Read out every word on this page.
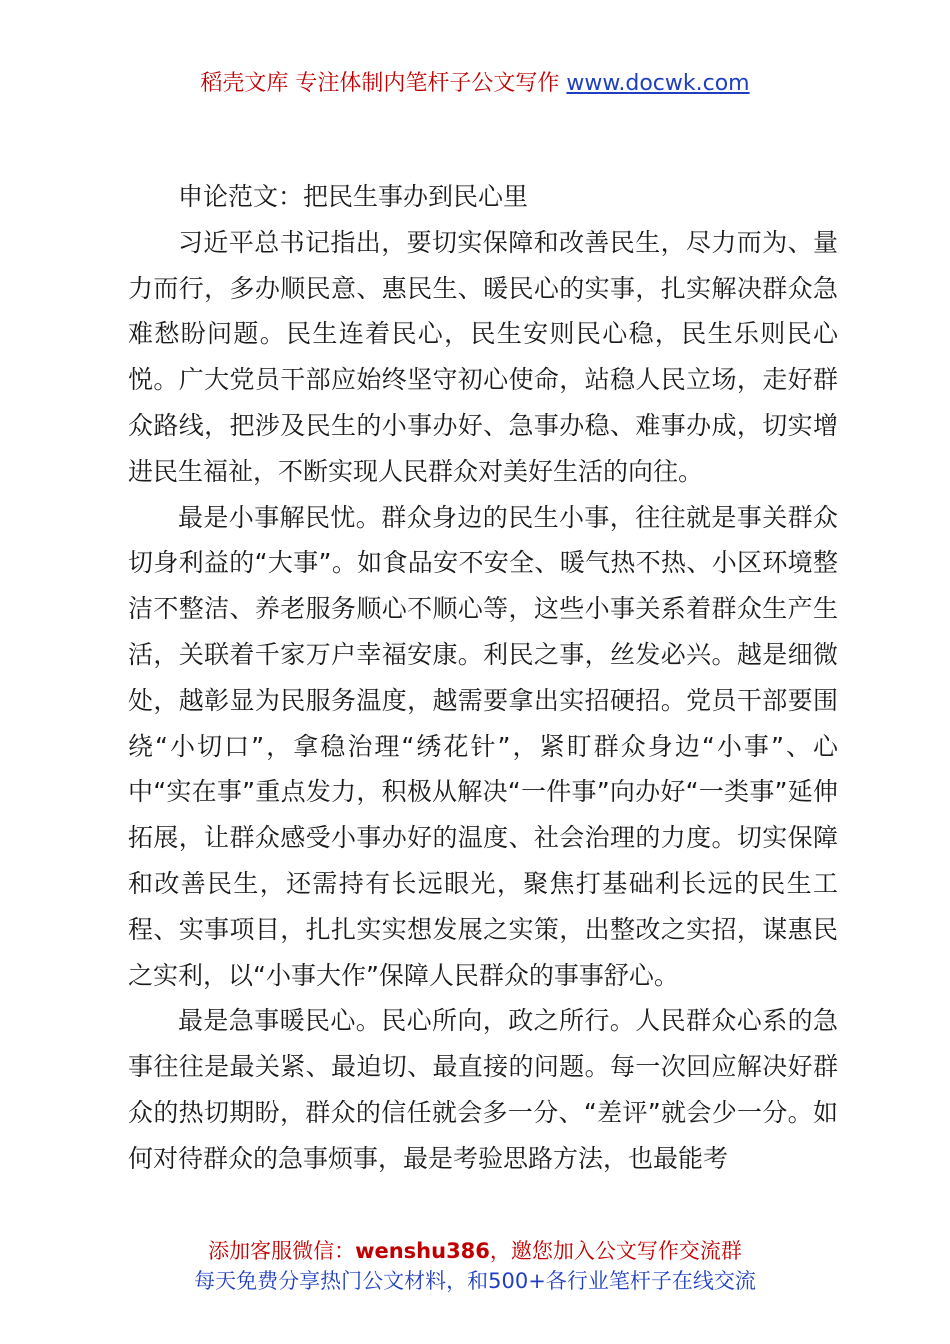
稻壳文库 专注体制内笔杆子公文写作 www.docwk.com

申论范文：把民生事办到民心里

习近平总书记指出，要切实保障和改善民生，尽力而为、量力而行，多办顺民意、惠民生、暖民心的实事，扎实解决群众急难愁盼问题。民生连着民心，民生安则民心稳，民生乐则民心悦。广大党员干部应始终坚守初心使命，站稳人民立场，走好群众路线，把涉及民生的小事办好、急事办稳、难事办成，切实增进民生福祉，不断实现人民群众对美好生活的向往。

最是小事解民忧。群众身边的民生小事，往往就是事关群众切身利益的“大事”。如食品安不安全、暖气热不热、小区环境整洁不整洁、养老服务顺心不顺心等，这些小事关系着群众生产生活，关联着千家万户幸福安康。利民之事，丝发必兴。越是细微处，越彰显为民服务温度，越需要拿出实招硬招。党员干部要围绕“小切口”，拿稳治理“绣花针”，紧盯群众身边“小事”、心中“实在事”重点发力，积极从解决“一件事”向办好“一类事”延伸拓展，让群众感受小事办好的温度、社会治理的力度。切实保障和改善民生，还需持有长远眼光，聚焦打基础利长远的民生工程、实事项目，扎扎实实想发展之实策，出整改之实招，谋惠民之实利，以“小事大作”保障人民群众的事事舒心。

最是急事暖民心。民心所向，政之所行。人民群众心系的急事往往是最关紧、最迫切、最直接的问题。每一次回应解决好群众的热切期盼，群众的信任就会多一分、“差评”就会少一分。如何对待群众的急事烦事，最是考验思路方法，也最能考

添加客服微信：wenshu386，邀您加入公文写作交流群
每天免费分享热门公文材料，和500+各行业笔杆子在线交流
